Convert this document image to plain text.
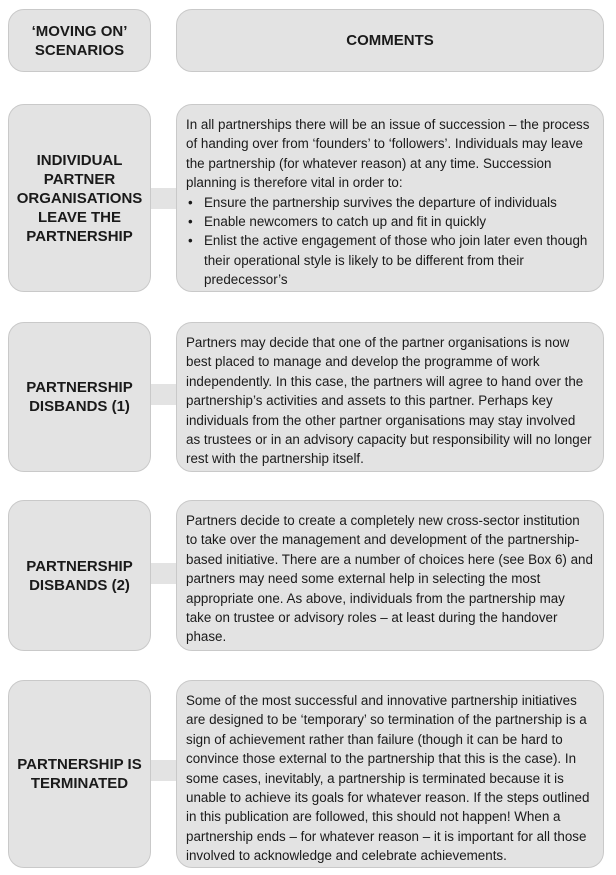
‘MOVING ON’ SCENARIOS
COMMENTS
INDIVIDUAL PARTNER ORGANISATIONS LEAVE THE PARTNERSHIP

In all partnerships there will be an issue of succession – the process of handing over from ‘founders’ to ‘followers’. Individuals may leave the partnership (for whatever reason) at any time. Succession planning is therefore vital in order to:

• Ensure the partnership survives the departure of individuals
• Enable newcomers to catch up and fit in quickly
• Enlist the active engagement of those who join later even though their operational style is likely to be different from their predecessor’s
PARTNERSHIP DISBANDS (1)

Partners may decide that one of the partner organisations is now best placed to manage and develop the programme of work independently. In this case, the partners will agree to hand over the partnership’s activities and assets to this partner. Perhaps key individuals from the other partner organisations may stay involved as trustees or in an advisory capacity but responsibility will no longer rest with the partnership itself.

PARTNERSHIP DISBANDS (2)

Partners decide to create a completely new cross-sector institution to take over the management and development of the partnership-based initiative. There are a number of choices here (see Box 6) and partners may need some external help in selecting the most appropriate one. As above, individuals from the partnership may take on trustee or advisory roles – at least during the handover phase.

PARTNERSHIP IS TERMINATED

Some of the most successful and innovative partnership initiatives are designed to be ‘temporary’ so termination of the partnership is a sign of achievement rather than failure (though it can be hard to convince those external to the partnership that this is the case). In some cases, inevitably, a partnership is terminated because it is unable to achieve its goals for whatever reason. If the steps outlined in this publication are followed, this should not happen! When a partnership ends – for whatever reason – it is important for all those involved to acknowledge and celebrate achievements.
